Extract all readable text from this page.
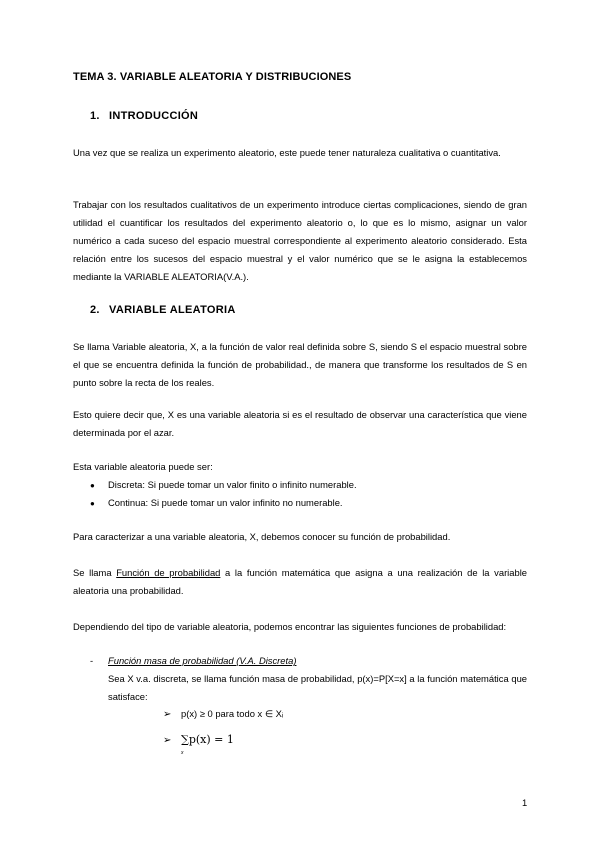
TEMA 3. VARIABLE ALEATORIA Y DISTRIBUCIONES
1. INTRODUCCIÓN
Una vez que se realiza un experimento aleatorio, este puede tener naturaleza cualitativa o cuantitativa.
Trabajar con los resultados cualitativos de un experimento introduce ciertas complicaciones, siendo de gran utilidad el cuantificar los resultados del experimento aleatorio o, lo que es lo mismo, asignar un valor numérico a cada suceso del espacio muestral correspondiente al experimento aleatorio considerado. Esta relación entre los sucesos del espacio muestral y el valor numérico que se le asigna la establecemos mediante la VARIABLE ALEATORIA(V.A.).
2. VARIABLE ALEATORIA
Se llama Variable aleatoria, X, a la función de valor real definida sobre S, siendo S el espacio muestral sobre el que se encuentra definida la función de probabilidad., de manera que transforme los resultados de S en punto sobre la recta de los reales.
Esto quiere decir que, X es una variable aleatoria si es el resultado de observar una característica que viene determinada por el azar.
Esta variable aleatoria puede ser:
● Discreta: Si puede tomar un valor finito o infinito numerable.
● Continua: Si puede tomar un valor infinito no numerable.
Para caracterizar a una variable aleatoria, X, debemos conocer su función de probabilidad.
Se llama Función de probabilidad a la función matemática que asigna a una realización de la variable aleatoria una probabilidad.
Dependiendo del tipo de variable aleatoria, podemos encontrar las siguientes funciones de probabilidad:
- Función masa de probabilidad (V.A. Discreta)
Sea X v.a. discreta, se llama función masa de probabilidad, p(x)=P[X=x] a la función matemática que satisface:
➢ p(x) ≥ 0 para todo x ∈ Xᵢ
➢ ∑p(x) = 1
x
1
